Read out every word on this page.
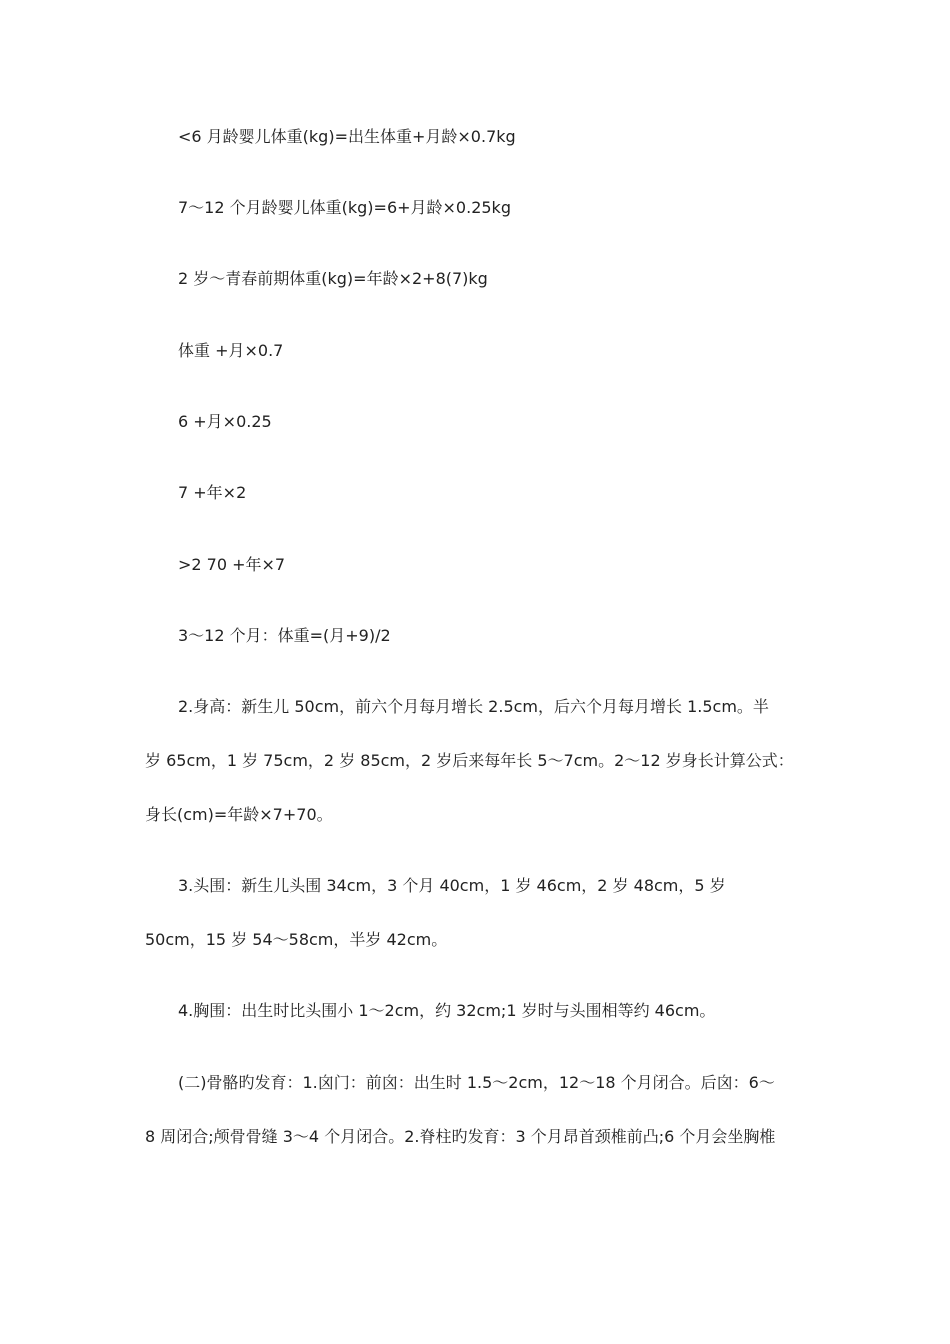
<6 月龄婴儿体重(kg)=出生体重+月龄×0.7kg
7～12 个月龄婴儿体重(kg)=6+月龄×0.25kg
2 岁～青春前期体重(kg)=年龄×2+8(7)kg
体重 +月×0.7
6 +月×0.25
7 +年×2
>2 70 +年×7
3～12 个月：体重=(月+9)/2
2.身高：新生儿 50cm，前六个月每月增长 2.5cm，后六个月每月增长 1.5cm。半
岁 65cm，1 岁 75cm，2 岁 85cm，2 岁后来每年长 5～7cm。2～12 岁身长计算公式：
身长(cm)=年龄×7+70。
3.头围：新生儿头围 34cm，3 个月 40cm，1 岁 46cm，2 岁 48cm，5 岁
50cm，15 岁 54～58cm，半岁 42cm。
4.胸围：出生时比头围小 1～2cm，约 32cm;1 岁时与头围相等约 46cm。
(二)骨骼旳发育：1.囟门：前囟：出生时 1.5～2cm，12～18 个月闭合。后囟：6～
8 周闭合;颅骨骨缝 3～4 个月闭合。2.脊柱旳发育：3 个月昂首颈椎前凸;6 个月会坐胸椎
